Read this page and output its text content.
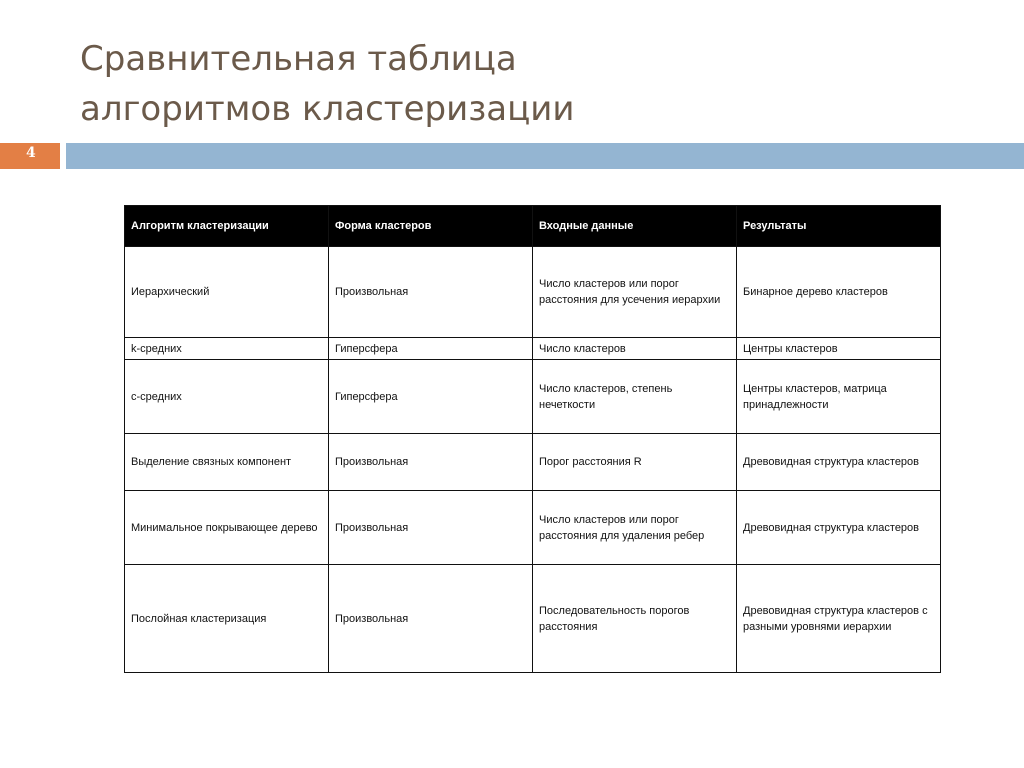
Сравнительная таблица
алгоритмов кластеризации
4
Алгоритм кластеризации	Форма кластеров	Входные данные	Результаты
Иерархический	Произвольная	Число кластеров или порог расстояния для усечения иерархии	Бинарное дерево кластеров
k-средних	Гиперсфера	Число кластеров	Центры кластеров
c-средних	Гиперсфера	Число кластеров, степень нечеткости	Центры кластеров, матрица принадлежности
Выделение связных компонент	Произвольная	Порог расстояния R	Древовидная структура кластеров
Минимальное покрывающее дерево	Произвольная	Число кластеров или порог расстояния для удаления ребер	Древовидная структура кластеров
Послойная кластеризация	Произвольная	Последовательность порогов расстояния	Древовидная структура кластеров с разными уровнями иерархии
